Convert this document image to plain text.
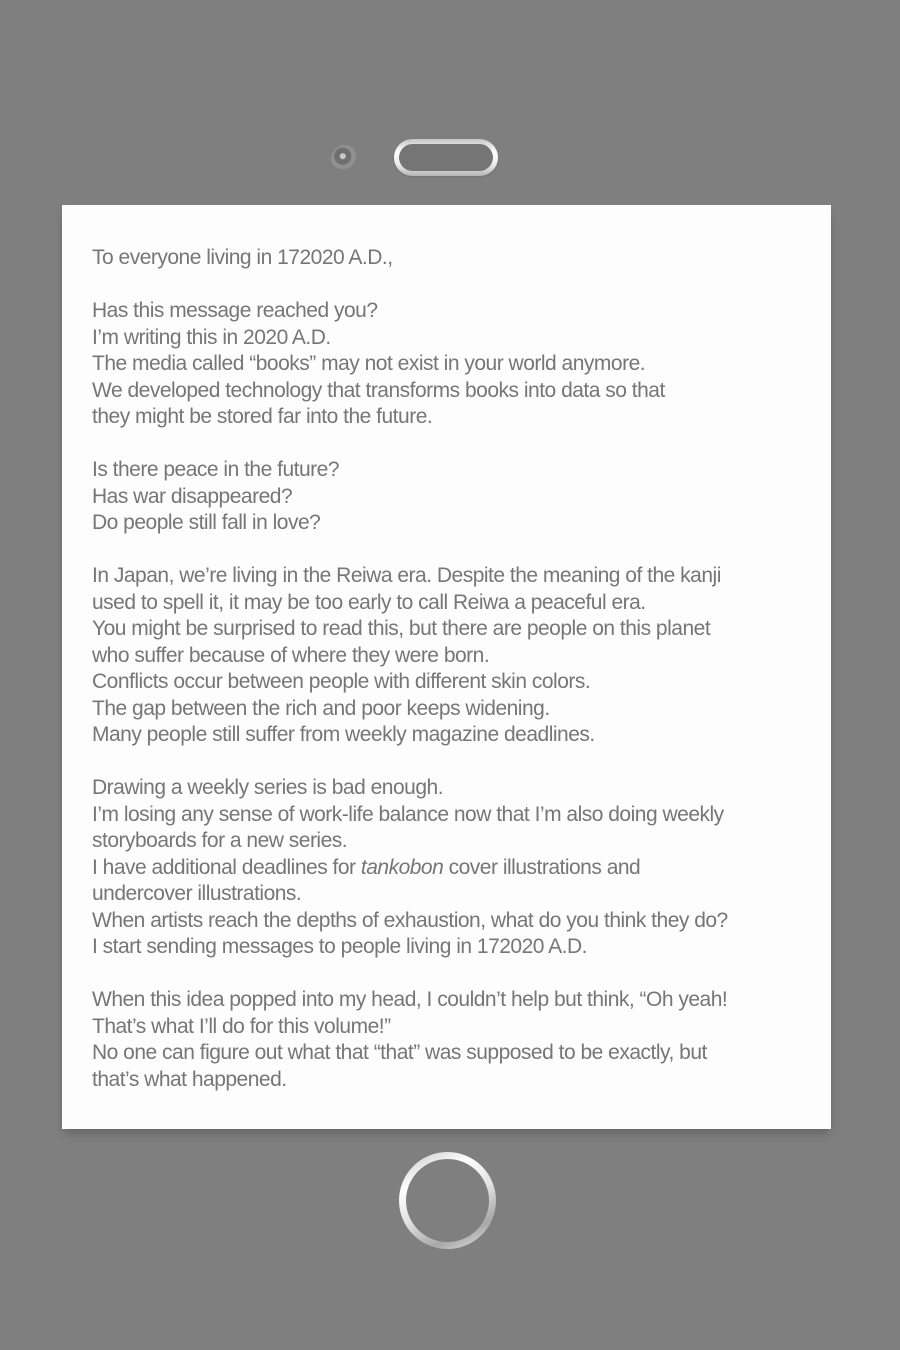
To everyone living in 172020 A.D.,
Has this message reached you?
I’m writing this in 2020 A.D.
The media called “books” may not exist in your world anymore.
We developed technology that transforms books into data so that
they might be stored far into the future.
Is there peace in the future?
Has war disappeared?
Do people still fall in love?
In Japan, we’re living in the Reiwa era. Despite the meaning of the kanji
used to spell it, it may be too early to call Reiwa a peaceful era.
You might be surprised to read this, but there are people on this planet
who suffer because of where they were born.
Conflicts occur between people with different skin colors.
The gap between the rich and poor keeps widening.
Many people still suffer from weekly magazine deadlines.
Drawing a weekly series is bad enough.
I’m losing any sense of work-life balance now that I’m also doing weekly
storyboards for a new series.
I have additional deadlines for tankobon cover illustrations and
undercover illustrations.
When artists reach the depths of exhaustion, what do you think they do?
I start sending messages to people living in 172020 A.D.
When this idea popped into my head, I couldn’t help but think, “Oh yeah!
That’s what I’ll do for this volume!”
No one can figure out what that “that” was supposed to be exactly, but
that’s what happened.
